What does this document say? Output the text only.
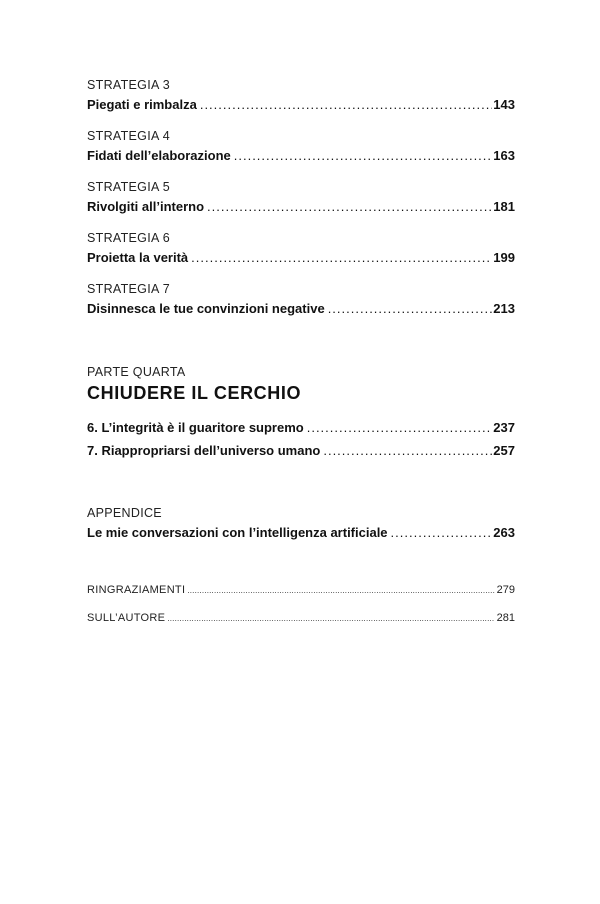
STRATEGIA 3
Piegati e rimbalza .....	143
STRATEGIA 4
Fidati dell’elaborazione .....	163
STRATEGIA 5
Rivolgiti all’interno .....	181
STRATEGIA 6
Proietta la verità .....	199
STRATEGIA 7
Disinnesca le tue convinzioni negative .....	213
PARTE QUARTA
CHIUDERE IL CERCHIO
6. L’integrità è il guaritore supremo .....	237
7. Riappropriarsi dell’universo umano .....	257
APPENDICE
Le mie conversazioni con l’intelligenza artificiale .....	263
RINGRAZIAMENTI .....	279
SULL’AUTORE .....	281
